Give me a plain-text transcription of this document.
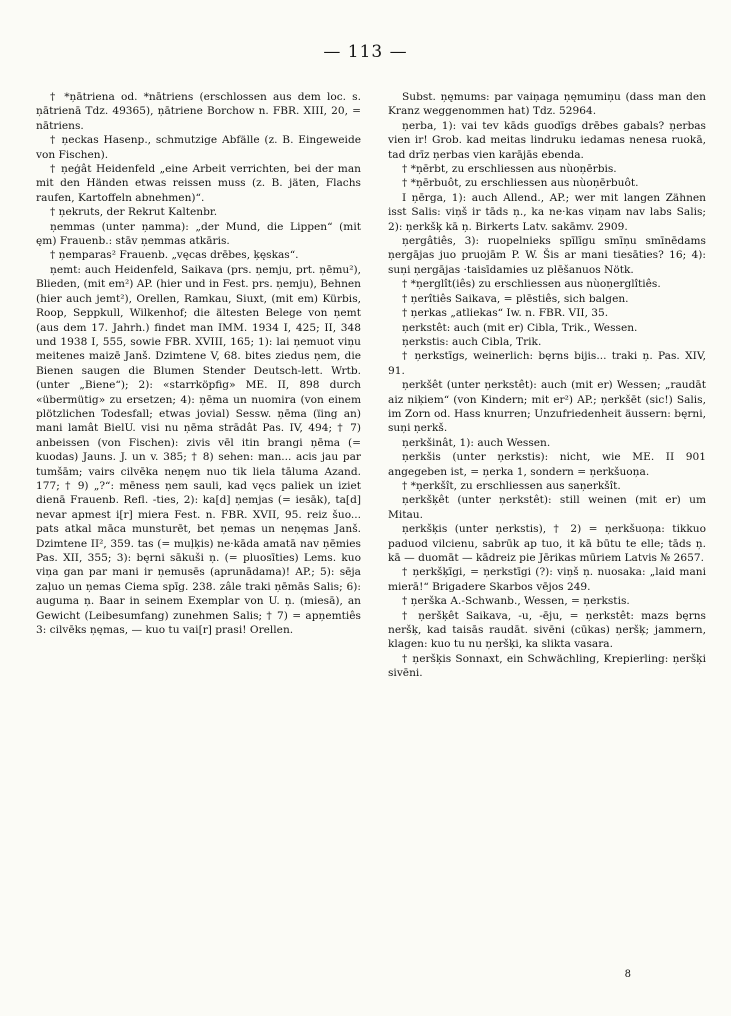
— 113 —

† *ņātriena od. *nātriens (erschlossen aus dem loc. s. ņātrienā Tdz. 49365), ņātriene Borchow n. FBR. XIII, 20, = nātriens.

† ņeckas Hasenp., schmutzige Abfälle (z. B. Eingeweide von Fischen).

† ņeģât Heidenfeld „eine Arbeit verrichten, bei der man mit den Händen etwas reissen muss (z. B. jäten, Flachs raufen, Kartoffeln abnehmen)“.

† ņekruts, der Rekrut Kaltenbr.

ņemmas (unter ņamma): „der Mund, die Lippen“ (mit ęm) Frauenb.: stāv ņemmas atkāris.

† ņemparas² Frauenb. „vęcas drēbes, ķęskas“.

ņemt: auch Heidenfeld, Saikava (prs. ņemju, prt. ņēmu²), Blieden, (mit em²) AP. (hier und in Fest. prs. ņemju), Behnen (hier auch jemt²), Orellen, Ramkau, Siuxt, (mit em) Kürbis, Roop, Seppkull, Wilkenhof; die ältesten Belege von ņemt (aus dem 17. Jahrh.) findet man IMM. 1934 I, 425; II, 348 und 1938 I, 555, sowie FBR. XVIII, 165; 1): lai ņemuot viņu meitenes maizē Janš. Dzimtene V, 68. bites ziedus ņem, die Bienen saugen die Blumen Stender Deutsch-lett. Wrtb. (unter „Biene“); 2): «starrköpfig» ME. II, 898 durch «übermütig» zu ersetzen; 4): ņēma un nuomira (von einem plötzlichen Todesfall; etwas jovial) Sessw. ņēma (ïing an) mani lamât BielU. visi nu ņēma strādât Pas. IV, 494; † 7) anbeissen (von Fischen): zivis vēl itin brangi ņēma (= kuodas) Jauns. J. un v. 385; † 8) sehen: man... acis jau par tumšām; vairs cilvēka neņęm nuo tik liela tāluma Azand. 177; † 9) „?“: mēness ņem sauli, kad vęcs paliek un iziet dienā Frauenb. Refl. -ties, 2): ka[d] ņemjas (= iesāk), ta[d] nevar apmest i[r] miera Fest. n. FBR. XVII, 95. reiz šuo... pats atkal māca munsturēt, bet ņemas un neņęmas Janš. Dzimtene II², 359. tas (= muļķis) ne·kāda amatā nav ņēmies Pas. XII, 355; 3): bęrni sākuši ņ. (= pluosīties) Lems. kuo viņa gan par mani ir ņemusēs (aprunādama)! AP.; 5): sēja zaļuo un ņemas Ciema spīg. 238. zâle traki ņēmās Salis; 6): auguma ņ. Baar in seinem Exemplar von U. ņ. (miesā), an Gewicht (Leibesumfang) zunehmen Salis; † 7) = apņemtiês 3: cilvēks ņęmas, — kuo tu vai[r] prasi! Orellen.

Subst. ņęmums: par vaiņaga ņęmumiņu (dass man den Kranz weggenommen hat) Tdz. 52964.

ņerba, 1): vai tev kāds guodīgs drēbes gabals? ņerbas vien ir! Grob. kad meitas lindruku iedamas nenesa ruokā, tad drīz ņerbas vien karājās ebenda.

† *ņērbt, zu erschliessen aus nùoņērbis.

† *ņērbuôt, zu erschliessen aus nùoņērbuôt.

I ņērga, 1): auch Allend., AP.; wer mit langen Zähnen isst Salis: viņš ir tāds ņ., ka ne·kas viņam nav labs Salis; 2): ņerkšķ kā ņ. Birkerts Latv. sakāmv. 2909.

ņergâtiês, 3): ruopelnieks spīlīgu smīņu smīnēdams ņergājas juo pruojām P. W. Šis ar mani tiesāties? 16; 4): suņi ņergājas ·taisīdamies uz plēšanuos Nötk.

† *ņerglît(iês) zu erschliessen aus nùoņerglîtiês.

† ņerîtiês Saikava, = plēstiês, sich balgen.

† ņerkas „atliekas“ Iw. n. FBR. VII, 35.

ņerkstêt: auch (mit er) Cibla, Trik., Wessen.

ņerkstis: auch Cibla, Trik.

† ņerkstīgs, weinerlich: bęrns bijis... traki ņ. Pas. XIV, 91.

ņerkšêt (unter ņerkstêt): auch (mit er) Wessen; „raudāt aiz niķiem“ (von Kindern; mit er²) AP.; ņerkšēt (sic!) Salis, im Zorn od. Hass knurren; Unzufriedenheit äussern: bęrni, suņi ņerkš.

ņerkšinât, 1): auch Wessen.

ņerkšis (unter ņerkstis): nicht, wie ME. II 901 angegeben ist, = ņerka 1, sondern = ņerkšuoņa.

† *ņerkšît, zu erschliessen aus saņerkšît.

ņerkšķêt (unter ņerkstêt): still weinen (mit er) um Mitau.

ņerkšķis (unter ņerkstis), † 2) = ņerkšuoņa: tikkuo paduod vilcienu, sabrūk ap tuo, it kā būtu te elle; tāds ņ. kā — duomāt — kādreiz pie Jērikas mūriem Latvis № 2657.

† ņerkšķīgi, = ņerkstīgi (?): viņš ņ. nuosaka: „laid mani mierā!“ Brigadere Skarbos vējos 249.

† ņerška A.-Schwanb., Wessen, = ņerkstis.

† ņeršķêt Saikava, -u, -ēju, = ņerkstêt: mazs bęrns neršķ, kad taisās raudāt. sivēni (cūkas) ņeršķ; jammern, klagen: kuo tu nu ņeršķi, ka slikta vasara.

† ņeršķis Sonnaxt, ein Schwächling, Krepierling: ņeršķi sivēni.

8
